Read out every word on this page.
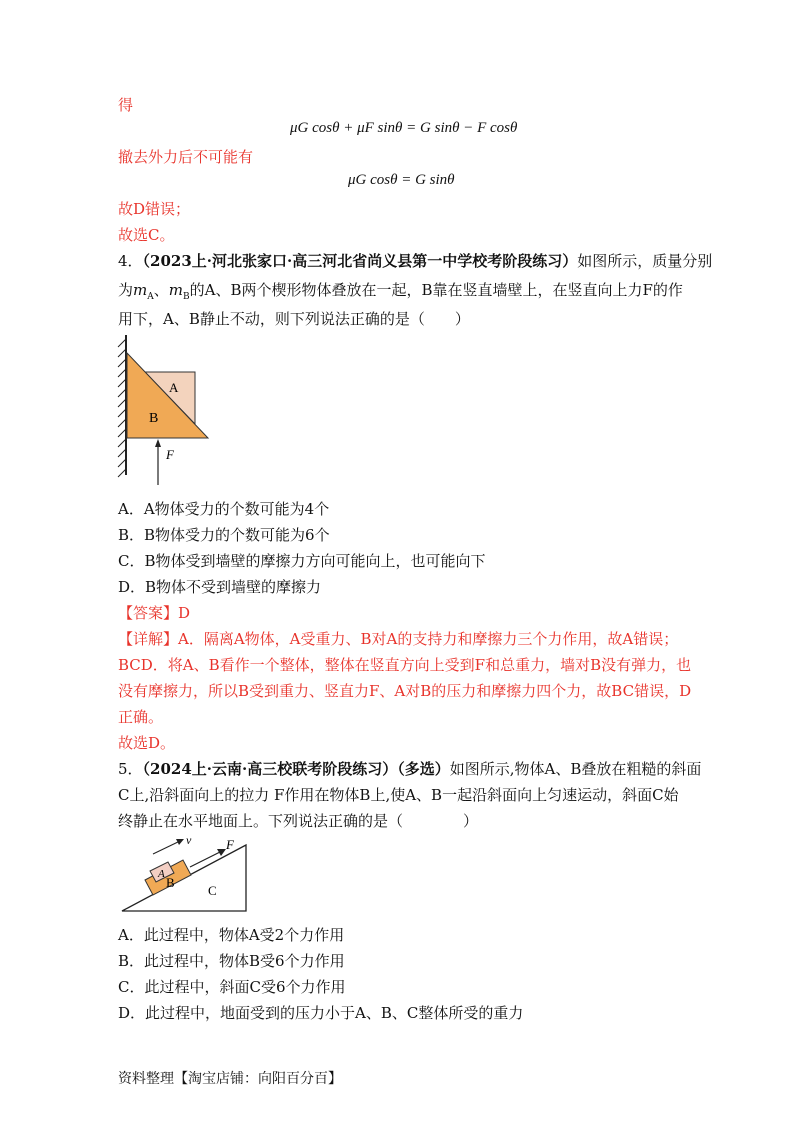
得
μG cosθ + μF sinθ = G sinθ − F cosθ
撤去外力后不可能有
μG cosθ = G sinθ
故D错误；
故选C。
4．（2023上·河北张家口·高三河北省尚义县第一中学校考阶段练习）如图所示，质量分别
为$m_A$、$m_B$的A、B两个楔形物体叠放在一起，B靠在竖直墙壁上，在竖直向上力F的作
用下，A、B静止不动，则下列说法正确的是（　　）
A
B
F
A．A物体受力的个数可能为4个
B．B物体受力的个数可能为6个
C．B物体受到墙壁的摩擦力方向可能向上，也可能向下
D．B物体不受到墙壁的摩擦力
【答案】D
【详解】A．隔离A物体，A受重力、B对A的支持力和摩擦力三个力作用，故A错误；
BCD．将A、B看作一个整体，整体在竖直方向上受到F和总重力，墙对B没有弹力，也
没有摩擦力，所以B受到重力、竖直力F、A对B的压力和摩擦力四个力，故BC错误，D
正确。
故选D。
5．（2024上·云南·高三校联考阶段练习）（多选）如图所示,物体A、B叠放在粗糙的斜面
C上,沿斜面向上的拉力 F作用在物体B上,使A、B一起沿斜面向上匀速运动，斜面C始
终静止在水平地面上。下列说法正确的是（　　　　）
A
B
C
v	F
A．此过程中，物体A受2个力作用
B．此过程中，物体B受6个力作用
C．此过程中，斜面C受6个力作用
D．此过程中，地面受到的压力小于A、B、C整体所受的重力
资料整理【淘宝店铺：向阳百分百】
